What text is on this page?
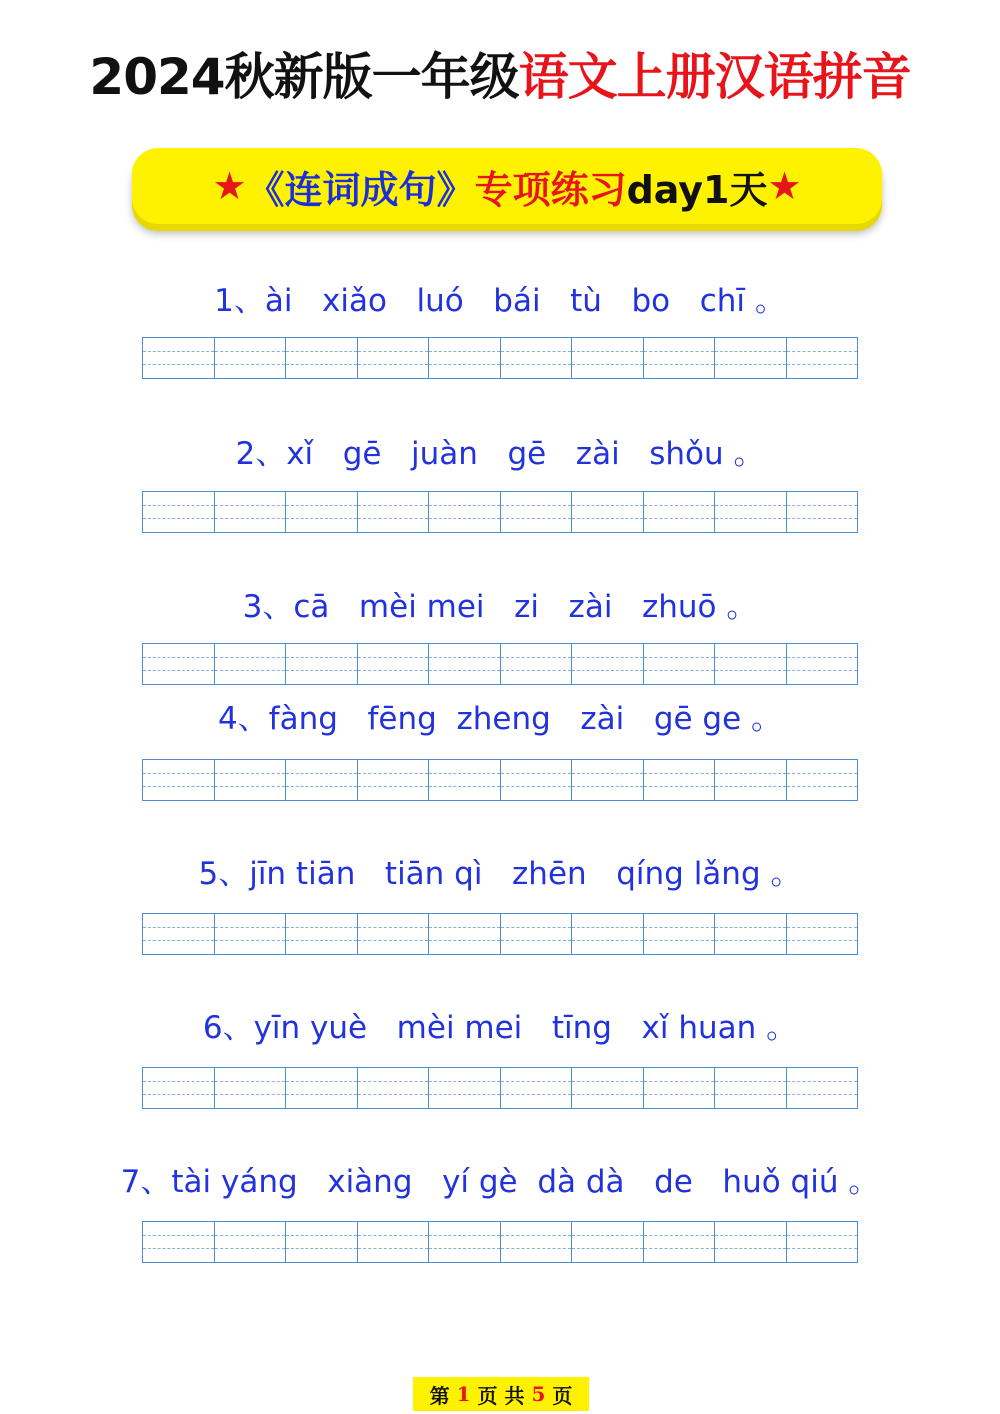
2024秋新版一年级语文上册汉语拼音
★ 《 连词成句 》 专项练习 day1天 ★
1、ài   xiǎo   luó   bái   tù   bo   chī 。
2、xǐ   gē   juàn   gē   zài   shǒu 。
3、cā   mèi mei   zi   zài   zhuō 。
4、fàng   fēng  zheng   zài   gē ge 。
5、jīn tiān   tiān qì   zhēn   qíng lǎng 。
6、yīn yuè   mèi mei   tīng   xǐ huan 。
7、tài yáng   xiàng   yí gè  dà dà   de   huǒ qiú 。
第 1 页 共 5 页
